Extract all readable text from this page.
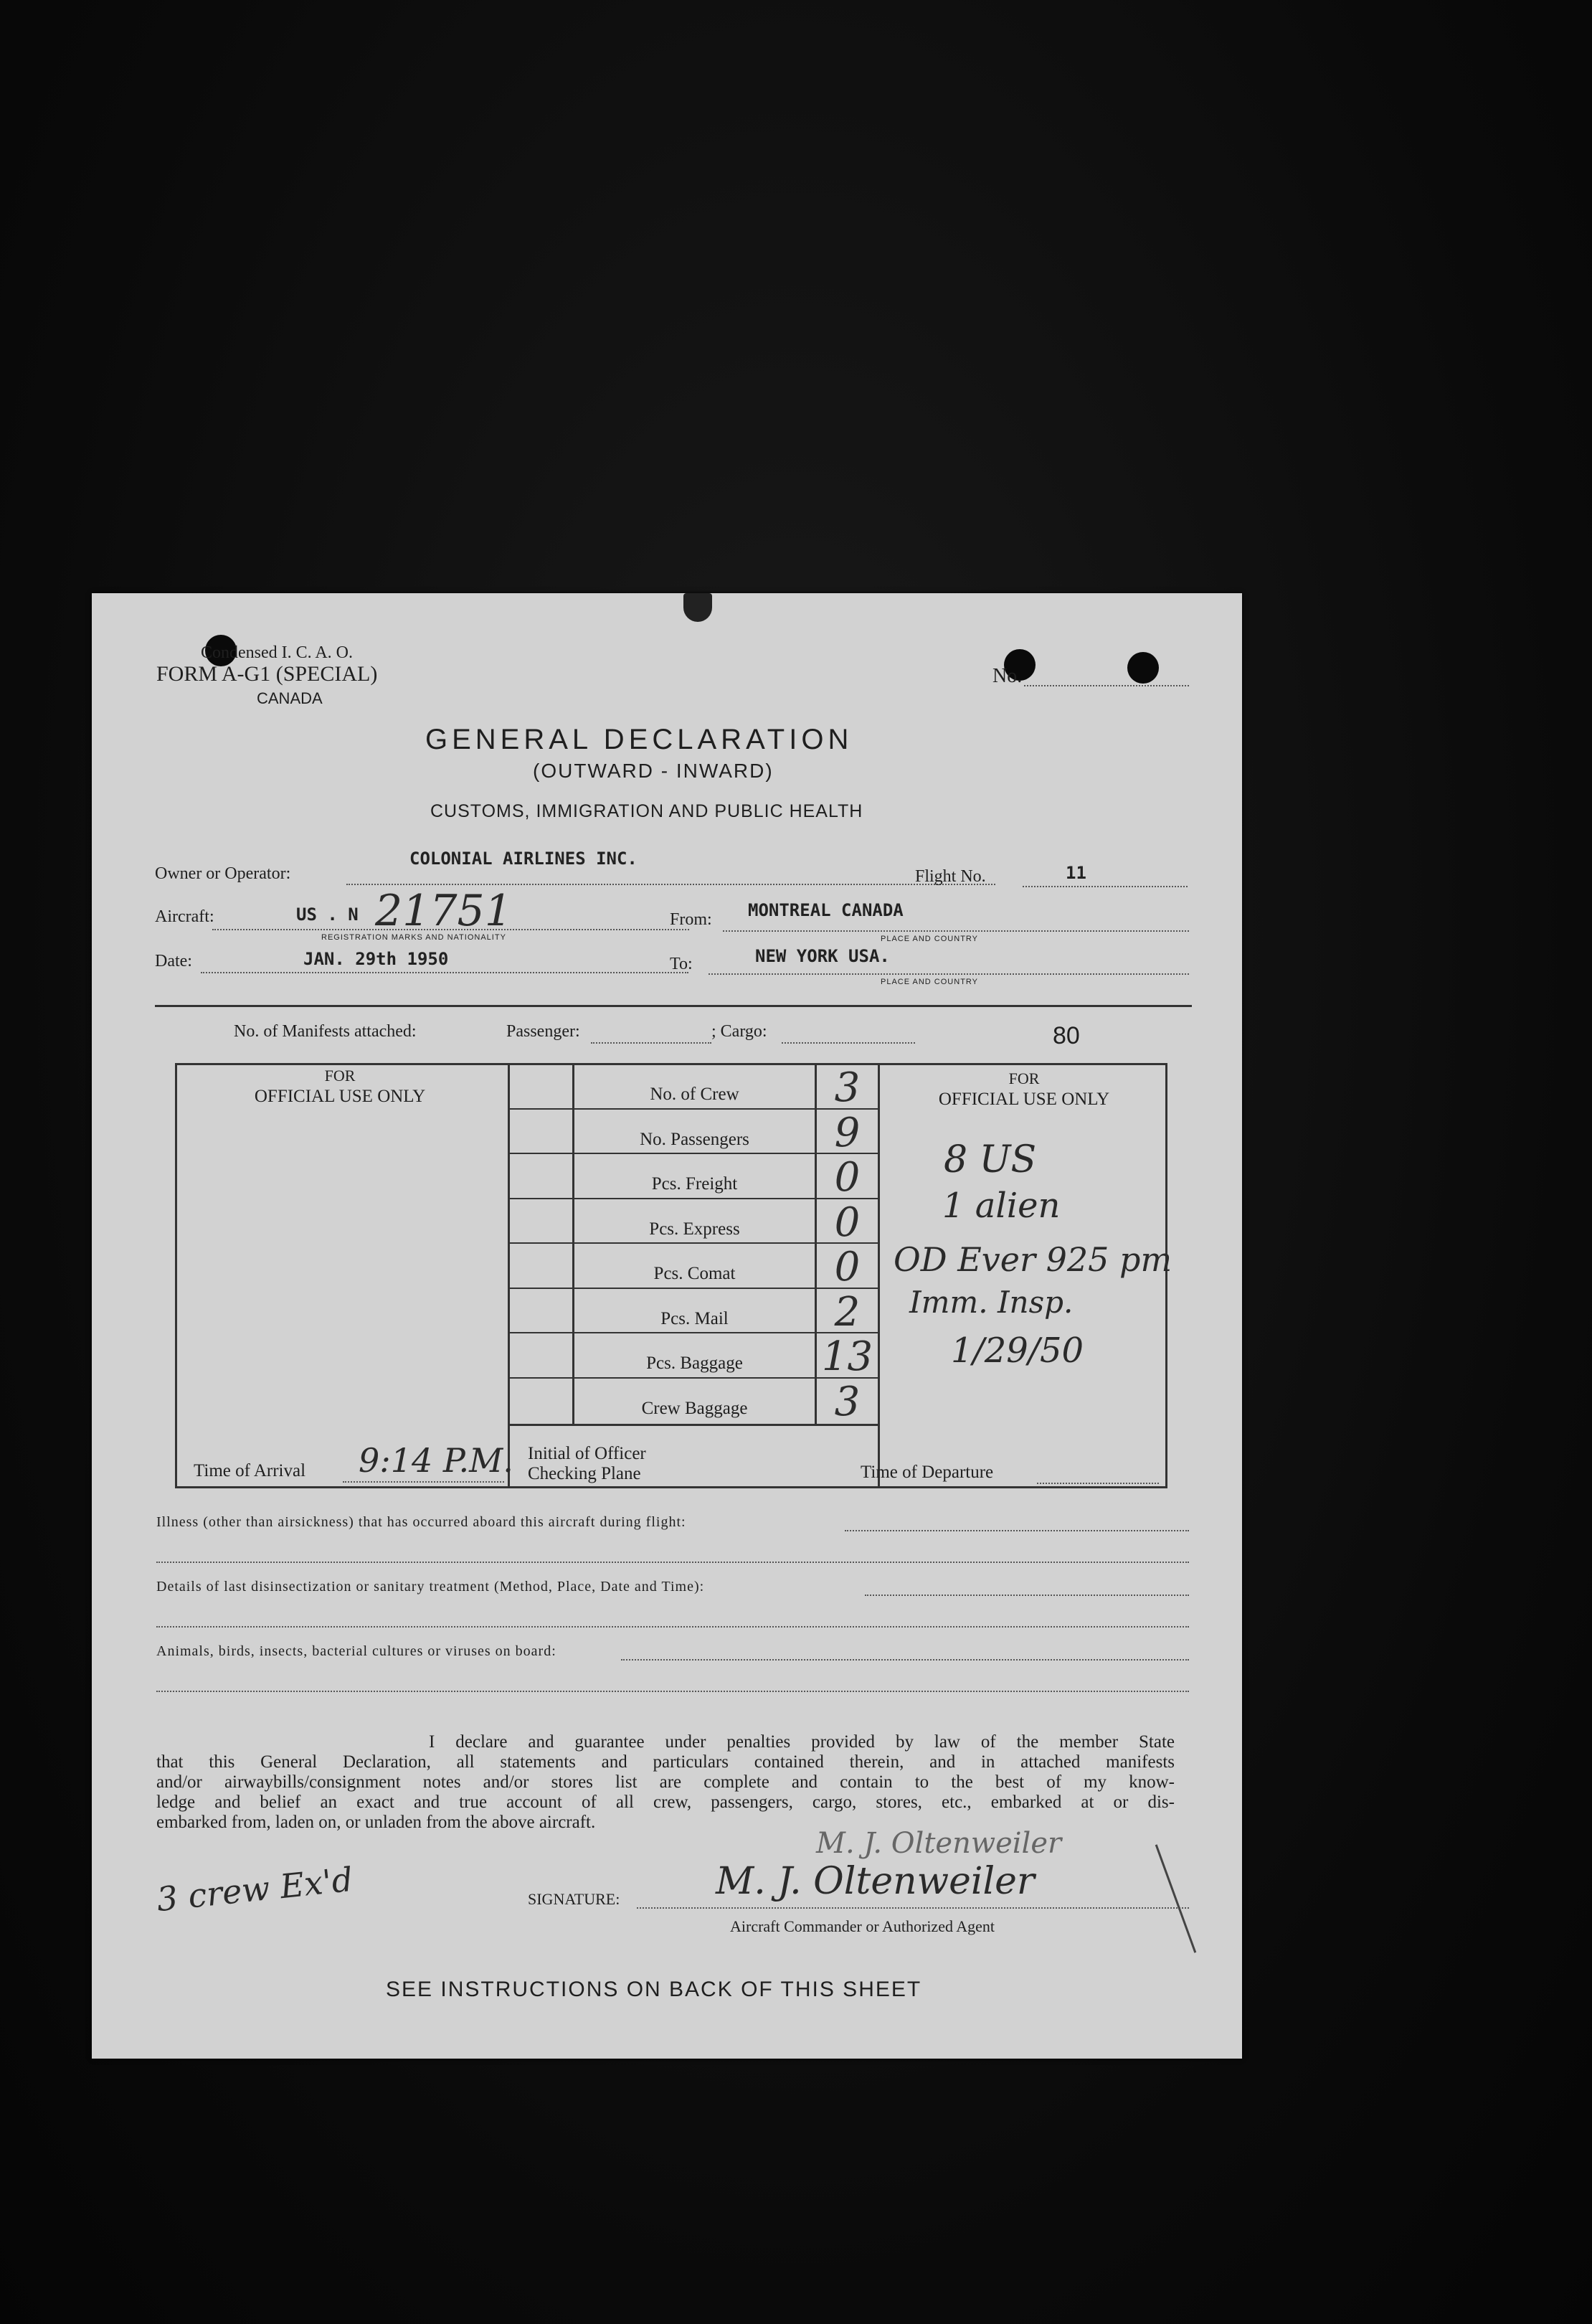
Condensed I. C. A. O.
FORM A-G1 (SPECIAL)
CANADA
No.
GENERAL DECLARATION
(OUTWARD - INWARD)
CUSTOMS, IMMIGRATION AND PUBLIC HEALTH
Owner or Operator:
COLONIAL AIRLINES INC.
Flight No.	11
Aircraft:	US . N 21751
REGISTRATION MARKS AND NATIONALITY
From: MONTREAL CANADA
PLACE AND COUNTRY
Date:	JAN. 29th 1950	To:	NEW YORK USA.
PLACE AND COUNTRY
No. of Manifests attached:	Passenger:	; Cargo:	80
FOR
OFFICIAL USE ONLY
FOR
OFFICIAL USE ONLY
No. of Crew	3
No. Passengers	9
Pcs. Freight	0
Pcs. Express	0
Pcs. Comat	0
Pcs. Mail	2
Pcs. Baggage	13
Crew Baggage	3
Time of Arrival 9:14 P.M. Initial of Officer
Checking Plane	Time of Departure
8 US
1 alien
OD Ever 925 pm
Imm. Insp.
1/29/50
Illness (other than airsickness) that has occurred aboard this aircraft during flight:
Details of last disinsectization or sanitary treatment (Method, Place, Date and Time):
Animals, birds, insects, bacterial cultures or viruses on board:
I declare and guarantee under penalties provided by law of the member State
that this General Declaration, all statements and particulars contained therein, and in attached manifests
and/or airwaybills/consignment notes and/or stores list are complete and contain to the best of my know-
ledge and belief an exact and true account of all crew, passengers, cargo, stores, etc., embarked at or dis-
embarked from, laden on, or unladen from the above aircraft.
M. J. Oltenweiler
3 crew Ex'd	SIGNATURE:	M. J. Oltenweiler
Aircraft Commander or Authorized Agent
SEE INSTRUCTIONS ON BACK OF THIS SHEET
